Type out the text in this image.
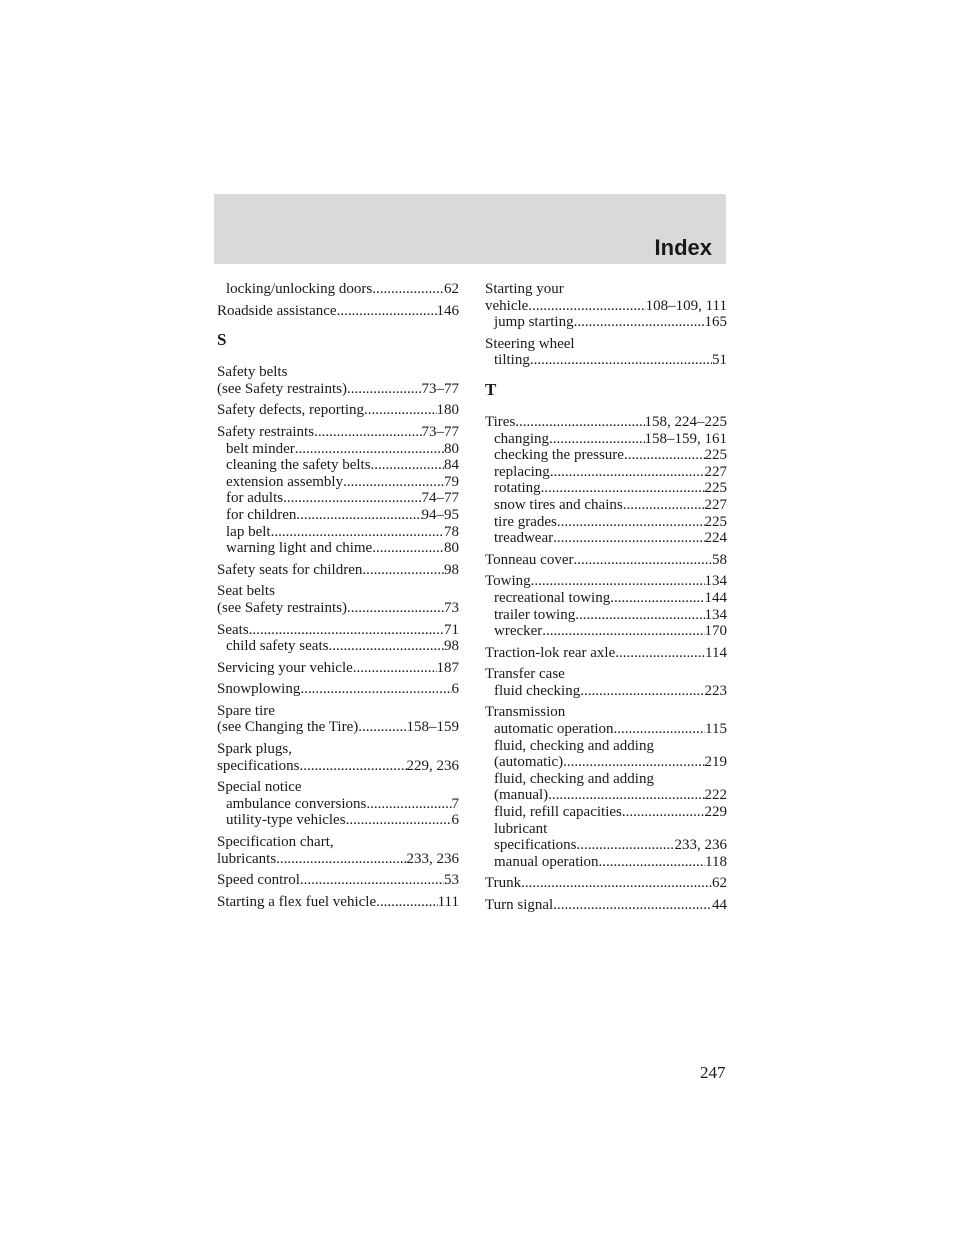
Index
locking/unlocking doors .....	62
Roadside assistance .....	146
S
Safety belts
(see Safety restraints) .....	73–77
Safety defects, reporting .....	180
Safety restraints .....	73–77
belt minder .....	80
cleaning the safety belts .....	84
extension assembly .....	79
for adults .....	74–77
for children .....	94–95
lap belt .....	78
warning light and chime .....	80
Safety seats for children .....	98
Seat belts
(see Safety restraints) .....	73
Seats .....	71
child safety seats .....	98
Servicing your vehicle .....	187
Snowplowing .....	6
Spare tire
(see Changing the Tire) .....	158–159
Spark plugs,
specifications .....	229, 236
Special notice
ambulance conversions .....	7
utility-type vehicles .....	6
Specification chart,
lubricants .....	233, 236
Speed control .....	53
Starting a flex fuel vehicle .....	111
Starting your
vehicle .....	108–109, 111
jump starting .....	165
Steering wheel
tilting .....	51
T
Tires .....	158, 224–225
changing .....	158–159, 161
checking the pressure .....	225
replacing .....	227
rotating .....	225
snow tires and chains .....	227
tire grades .....	225
treadwear .....	224
Tonneau cover .....	58
Towing .....	134
recreational towing .....	144
trailer towing .....	134
wrecker .....	170
Traction-lok rear axle .....	114
Transfer case
fluid checking .....	223
Transmission
automatic operation .....	115
fluid, checking and adding
(automatic) .....	219
fluid, checking and adding
(manual) .....	222
fluid, refill capacities .....	229
lubricant
specifications .....	233, 236
manual operation .....	118
Trunk .....	62
Turn signal .....	44
247
